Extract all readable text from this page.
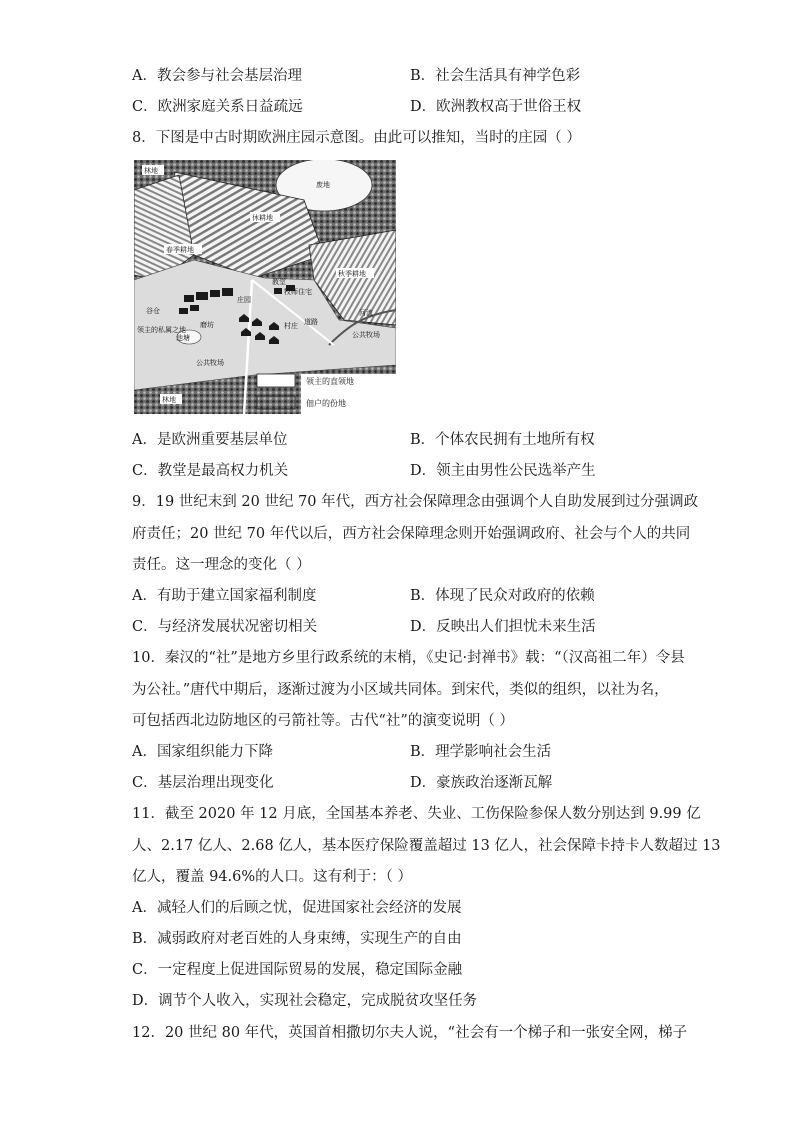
A．教会参与社会基层治理	B．社会生活具有神学色彩
C．欧洲家庭关系日益疏远	D．欧洲教权高于世俗王权
8．下图是中古时期欧洲庄园示意图。由此可以推知，当时的庄园（ ）
林地
废地
休耕地
春季耕地
秋季耕地
教堂
牧师住宅
庄园
谷仓
磨坊	村庄 道路
河流
领主的私属之地
池塘	公共牧场
公共牧场
林地
领主的直领地
佃户的份地
A．是欧洲重要基层单位	B．个体农民拥有土地所有权
C．教堂是最高权力机关	D．领主由男性公民选举产生
9．19 世纪末到 20 世纪 70 年代，西方社会保障理念由强调个人自助发展到过分强调政
府责任；20 世纪 70 年代以后，西方社会保障理念则开始强调政府、社会与个人的共同
责任。这一理念的变化（ ）
A．有助于建立国家福利制度	B．体现了民众对政府的依赖
C．与经济发展状况密切相关	D．反映出人们担忧未来生活
10．秦汉的“社”是地方乡里行政系统的末梢，《史记·封禅书》载：“（汉高祖二年）令县
为公社。”唐代中期后，逐渐过渡为小区域共同体。到宋代，类似的组织，以社为名，
可包括西北边防地区的弓箭社等。古代“社”的演变说明（ ）
A．国家组织能力下降	B．理学影响社会生活
C．基层治理出现变化	D．豪族政治逐渐瓦解
11．截至 2020 年 12 月底，全国基本养老、失业、工伤保险参保人数分别达到 9.99 亿
人、2.17 亿人、2.68 亿人，基本医疗保险覆盖超过 13 亿人，社会保障卡持卡人数超过 13
亿人，覆盖 94.6%的人口。这有利于：（ ）
A．减轻人们的后顾之忧，促进国家社会经济的发展
B．减弱政府对老百姓的人身束缚，实现生产的自由
C．一定程度上促进国际贸易的发展，稳定国际金融
D．调节个人收入，实现社会稳定，完成脱贫攻坚任务
12．20 世纪 80 年代，英国首相撒切尔夫人说，“社会有一个梯子和一张安全网，梯子
